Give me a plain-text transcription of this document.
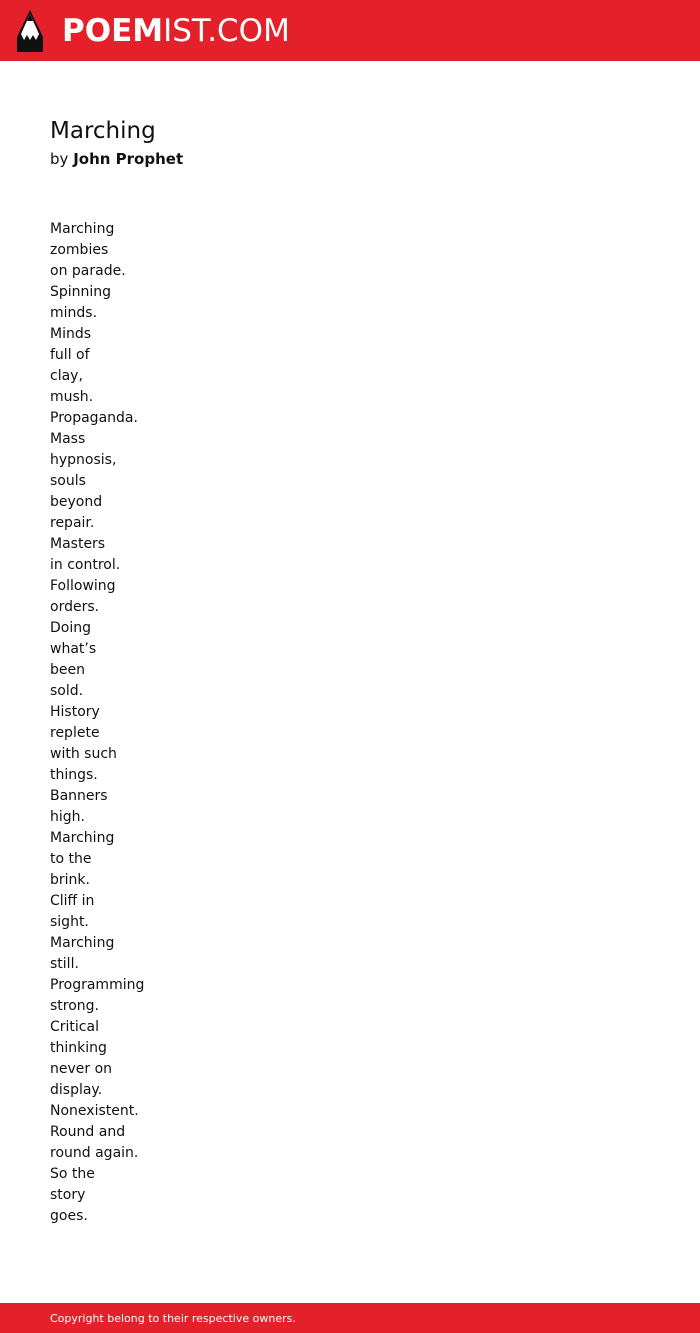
POEMIST.COM
Marching
by John Prophet
Marching
zombies
on parade.
Spinning
minds.
Minds
full of
clay,
mush.
Propaganda.
Mass
hypnosis,
souls
beyond
repair.
Masters
in control.
Following
orders.
Doing
what’s
been
sold.
History
replete
with such
things.
Banners
high.
Marching
to the
brink.
Cliff in
sight.
Marching
still.
Programming
strong.
Critical
thinking
never on
display.
Nonexistent.
Round and
round again.
So the
story
goes.
Copyright belong to their respective owners.
